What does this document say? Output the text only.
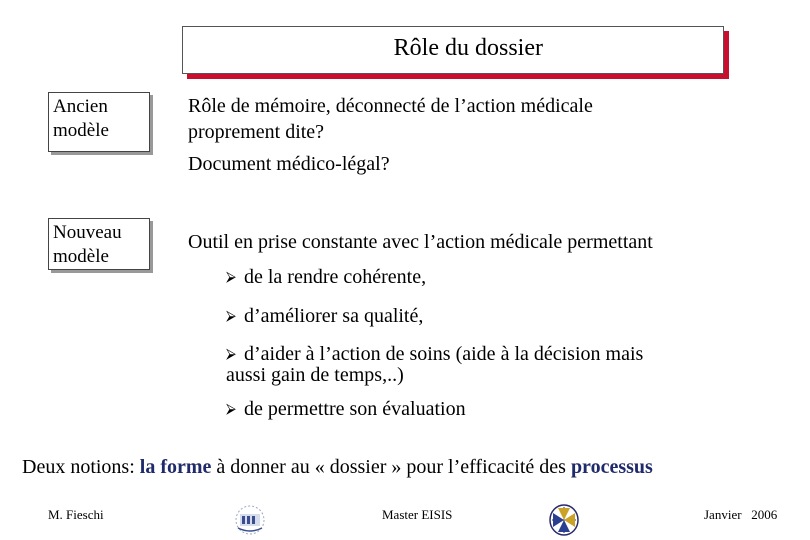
Rôle du dossier
Ancien modèle
Rôle de mémoire, déconnecté de l’action médicale
proprement dite?
Document médico-légal?
Nouveau modèle
Outil en prise constante avec l’action médicale permettant
⮚ de la rendre cohérente,
⮚ d’améliorer sa qualité,
⮚ d’aider à l’action de soins (aide à la décision mais
aussi gain de temps,..)
⮚ de permettre son évaluation
Deux notions: la forme à donner au « dossier » pour l’efficacité des processus
M. Fieschi	Master EISIS	Janvier   2006
